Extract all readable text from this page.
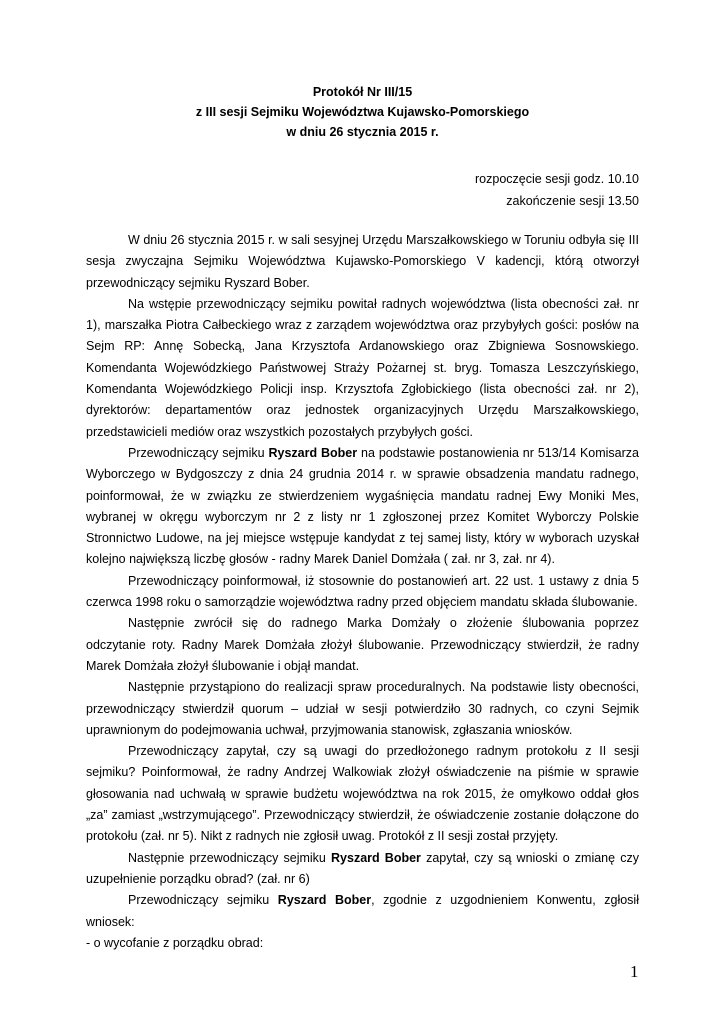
Protokół Nr III/15
z III sesji Sejmiku Województwa Kujawsko-Pomorskiego
w dniu 26 stycznia 2015 r.
rozpoczęcie sesji godz. 10.10
zakończenie sesji 13.50

W dniu 26 stycznia 2015 r. w sali sesyjnej Urzędu Marszałkowskiego w Toruniu odbyła się III sesja zwyczajna Sejmiku Województwa Kujawsko-Pomorskiego V kadencji, którą otworzył przewodniczący sejmiku Ryszard Bober.

Na wstępie przewodniczący sejmiku powitał radnych województwa (lista obecności zał. nr 1), marszałka Piotra Całbeckiego wraz z zarządem województwa oraz przybyłych gości: posłów na Sejm RP: Annę Sobecką, Jana Krzysztofa Ardanowskiego oraz Zbigniewa Sosnowskiego. Komendanta Wojewódzkiego Państwowej Straży Pożarnej st. bryg. Tomasza Leszczyńskiego, Komendanta Wojewódzkiego Policji insp. Krzysztofa Zgłobickiego (lista obecności zał. nr 2), dyrektorów: departamentów oraz jednostek organizacyjnych Urzędu Marszałkowskiego, przedstawicieli mediów oraz wszystkich pozostałych przybyłych gości.

Przewodniczący sejmiku Ryszard Bober na podstawie postanowienia nr 513/14 Komisarza Wyborczego w Bydgoszczy z dnia 24 grudnia 2014 r. w sprawie obsadzenia mandatu radnego, poinformował, że w związku ze stwierdzeniem wygaśnięcia mandatu radnej Ewy Moniki Mes, wybranej w okręgu wyborczym nr 2 z listy nr 1 zgłoszonej przez Komitet Wyborczy Polskie Stronnictwo Ludowe, na jej miejsce wstępuje kandydat z tej samej listy, który w wyborach uzyskał kolejno największą liczbę głosów - radny Marek Daniel Domżała ( zał. nr 3, zał. nr 4).

Przewodniczący poinformował, iż stosownie do postanowień art. 22 ust. 1 ustawy z dnia 5 czerwca 1998 roku o samorządzie województwa radny przed objęciem mandatu składa ślubowanie.

Następnie zwrócił się do radnego Marka Domżały o złożenie ślubowania poprzez odczytanie roty. Radny Marek Domżała złożył ślubowanie. Przewodniczący stwierdził, że radny Marek Domżała złożył ślubowanie i objął mandat.

Następnie przystąpiono do realizacji spraw proceduralnych. Na podstawie listy obecności, przewodniczący stwierdził quorum – udział w sesji potwierdziło 30 radnych, co czyni Sejmik uprawnionym do podejmowania uchwał, przyjmowania stanowisk, zgłaszania wniosków.

Przewodniczący zapytał, czy są uwagi do przedłożonego radnym protokołu z II sesji sejmiku? Poinformował, że radny Andrzej Walkowiak złożył oświadczenie na piśmie w sprawie głosowania nad uchwałą w sprawie budżetu województwa na rok 2015, że omyłkowo oddał głos „za” zamiast „wstrzymującego”. Przewodniczący stwierdził, że oświadczenie zostanie dołączone do protokołu (zał. nr 5). Nikt z radnych nie zgłosił uwag. Protokół z II sesji został przyjęty.

Następnie przewodniczący sejmiku Ryszard Bober zapytał, czy są wnioski o zmianę czy uzupełnienie porządku obrad? (zał. nr 6)

Przewodniczący sejmiku Ryszard Bober, zgodnie z uzgodnieniem Konwentu, zgłosił wniosek:

- o wycofanie z porządku obrad:

1
